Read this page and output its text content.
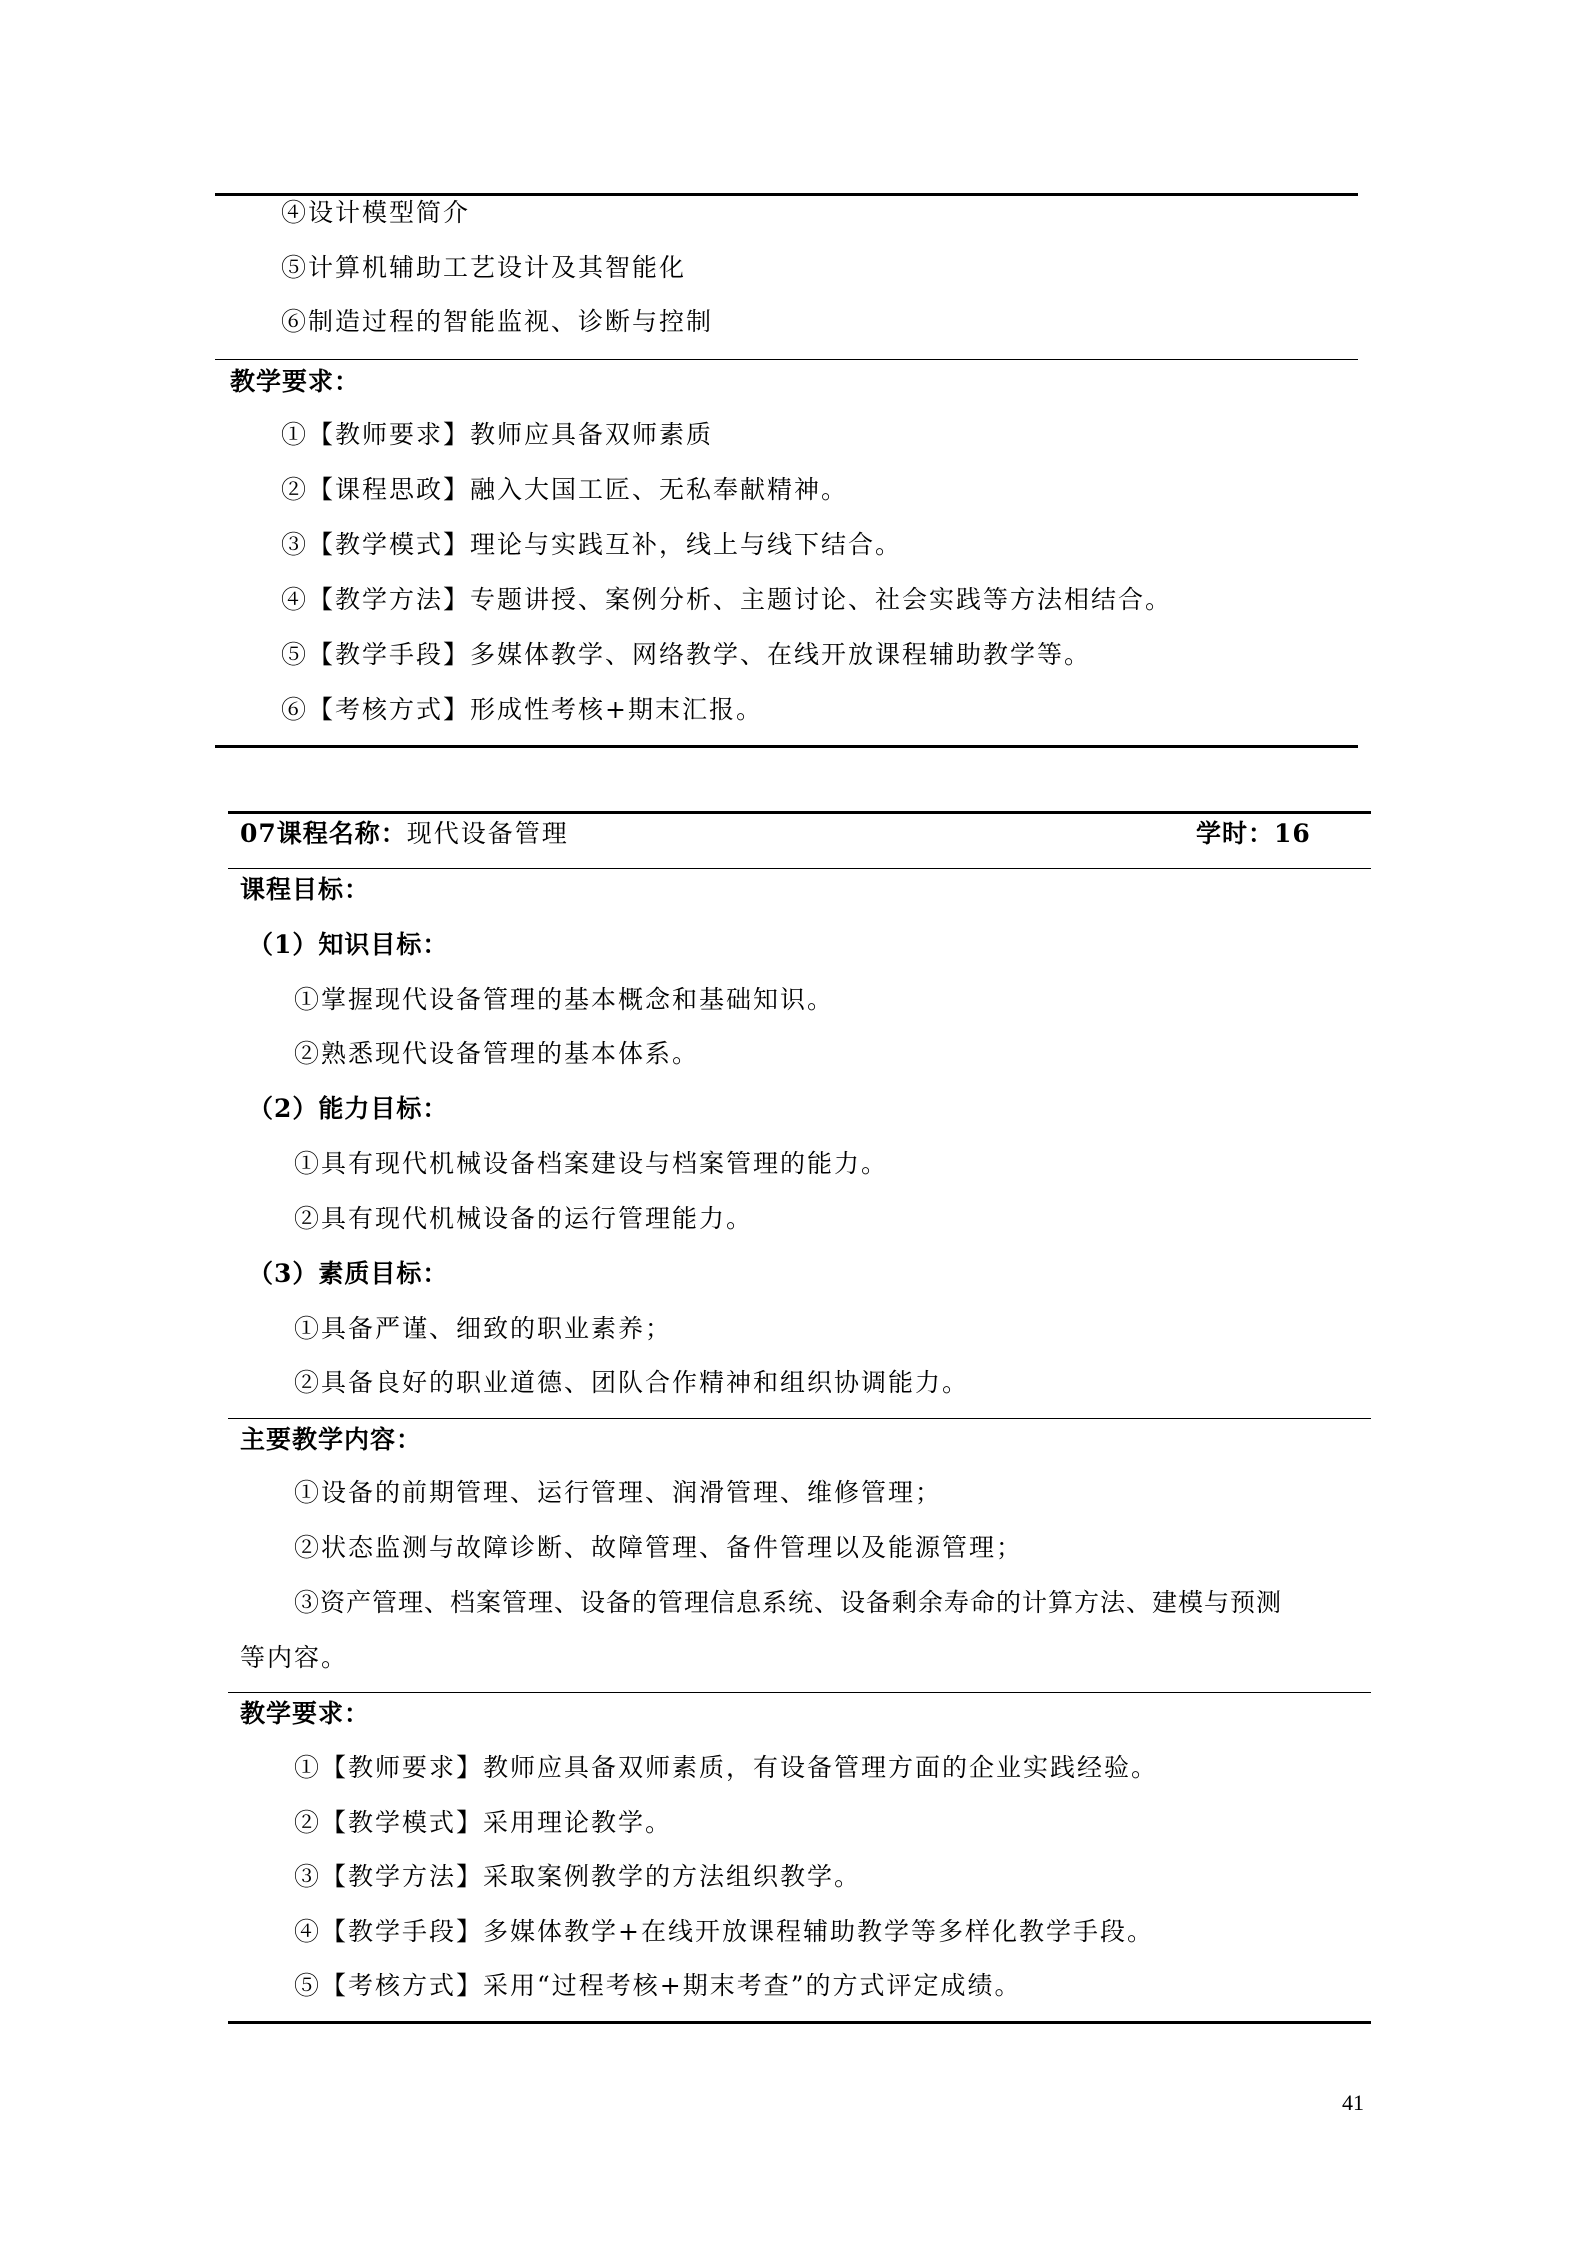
④设计模型简介
⑤计算机辅助工艺设计及其智能化
⑥制造过程的智能监视、诊断与控制
教学要求：
①【教师要求】教师应具备双师素质
②【课程思政】融入大国工匠、无私奉献精神。
③【教学模式】理论与实践互补，线上与线下结合。
④【教学方法】专题讲授、案例分析、主题讨论、社会实践等方法相结合。
⑤【教学手段】多媒体教学、网络教学、在线开放课程辅助教学等。
⑥【考核方式】形成性考核+期末汇报。
07课程名称：现代设备管理	学时：16
课程目标：
（1）知识目标：
①掌握现代设备管理的基本概念和基础知识。
②熟悉现代设备管理的基本体系。
（2）能力目标：
①具有现代机械设备档案建设与档案管理的能力。
②具有现代机械设备的运行管理能力。
（3）素质目标：
①具备严谨、细致的职业素养；
②具备良好的职业道德、团队合作精神和组织协调能力。
主要教学内容：
①设备的前期管理、运行管理、润滑管理、维修管理；
②状态监测与故障诊断、故障管理、备件管理以及能源管理；
③资产管理、档案管理、设备的管理信息系统、设备剩余寿命的计算方法、建模与预测
等内容。
教学要求：
①【教师要求】教师应具备双师素质，有设备管理方面的企业实践经验。
②【教学模式】采用理论教学。
③【教学方法】采取案例教学的方法组织教学。
④【教学手段】多媒体教学+在线开放课程辅助教学等多样化教学手段。
⑤【考核方式】采用“过程考核+期末考查”的方式评定成绩。
41
